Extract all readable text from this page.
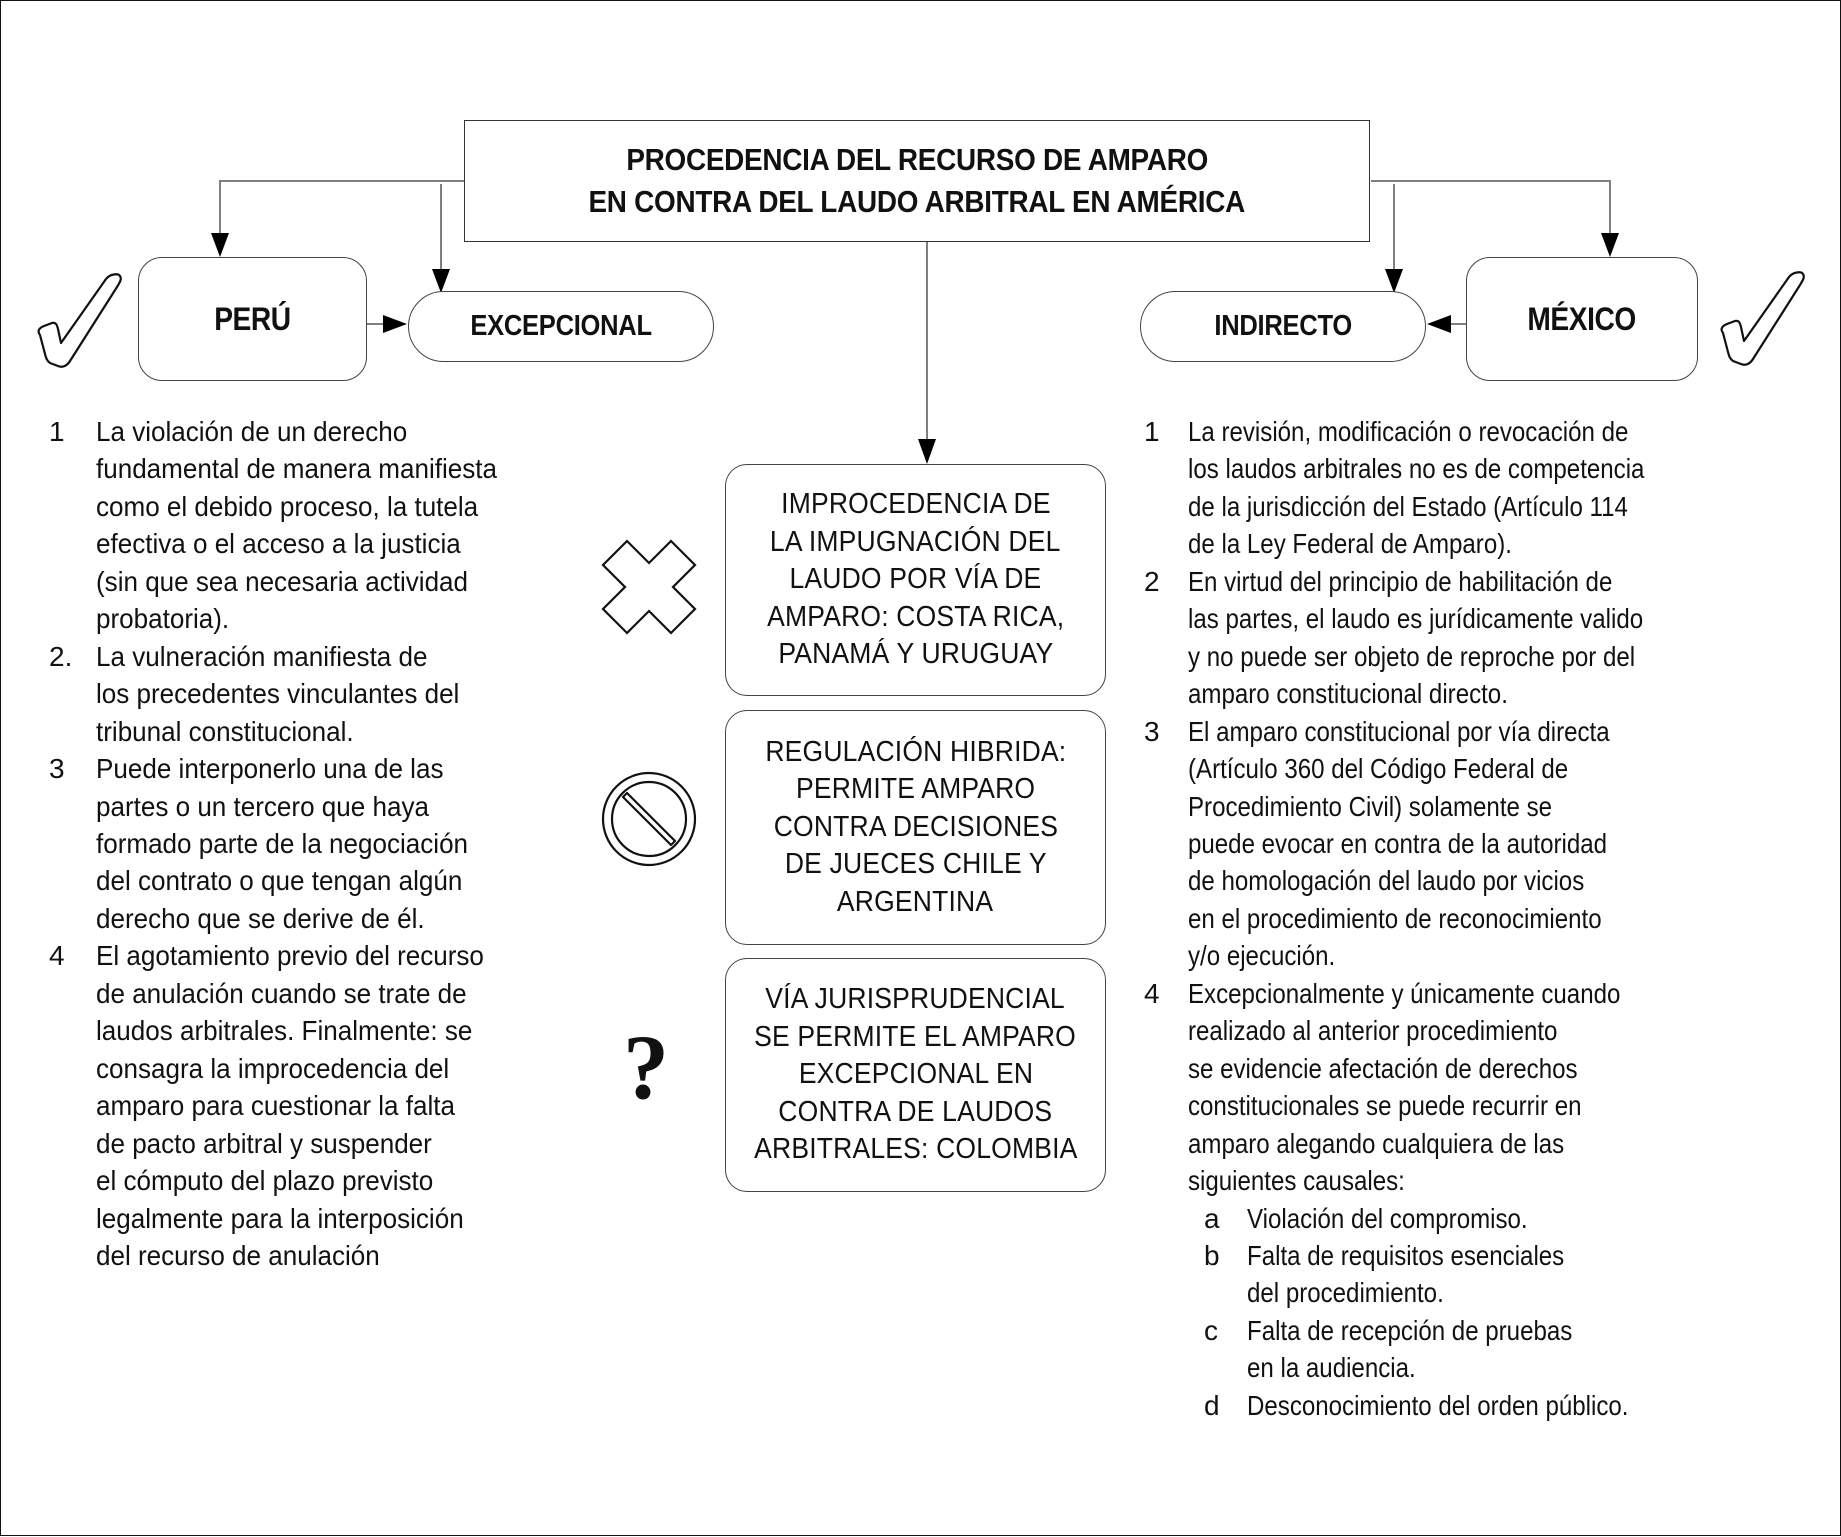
PROCEDENCIA DEL RECURSO DE AMPARO
EN CONTRA DEL LAUDO ARBITRAL EN AMÉRICA
PERÚ	EXCEPCIONAL	INDIRECTO	MÉXICO
IMPROCEDENCIA DE
LA IMPUGNACIÓN DEL
LAUDO POR VÍA DE
AMPARO: COSTA RICA,
PANAMÁ Y URUGUAY
REGULACIÓN HIBRIDA:
PERMITE AMPARO
CONTRA DECISIONES
DE JUECES CHILE Y
ARGENTINA
?
VÍA JURISPRUDENCIAL
SE PERMITE EL AMPARO
EXCEPCIONAL EN
CONTRA DE LAUDOS
ARBITRALES: COLOMBIA
1 La violación de un derecho
fundamental de manera manifiesta
como el debido proceso, la tutela
efectiva o el acceso a la justicia
(sin que sea necesaria actividad
probatoria).
2. La vulneración manifiesta de
los precedentes vinculantes del
tribunal constitucional.
3 Puede interponerlo una de las
partes o un tercero que haya
formado parte de la negociación
del contrato o que tengan algún
derecho que se derive de él.
4 El agotamiento previo del recurso
de anulación cuando se trate de
laudos arbitrales. Finalmente: se
consagra la improcedencia del
amparo para cuestionar la falta
de pacto arbitral y suspender
el cómputo del plazo previsto
legalmente para la interposición
del recurso de anulación
1 La revisión, modificación o revocación de
los laudos arbitrales no es de competencia
de la jurisdicción del Estado (Artículo 114
de la Ley Federal de Amparo).
2 En virtud del principio de habilitación de
las partes, el laudo es jurídicamente valido
y no puede ser objeto de reproche por del
amparo constitucional directo.
3 El amparo constitucional por vía directa
(Artículo 360 del Código Federal de
Procedimiento Civil) solamente se
puede evocar en contra de la autoridad
de homologación del laudo por vicios
en el procedimiento de reconocimiento
y/o ejecución.
4 Excepcionalmente y únicamente cuando
realizado al anterior procedimiento
se evidencie afectación de derechos
constitucionales se puede recurrir en
amparo alegando cualquiera de las
siguientes causales:
a Violación del compromiso.
b Falta de requisitos esenciales
del procedimiento.
c Falta de recepción de pruebas
en la audiencia.
d Desconocimiento del orden público.
